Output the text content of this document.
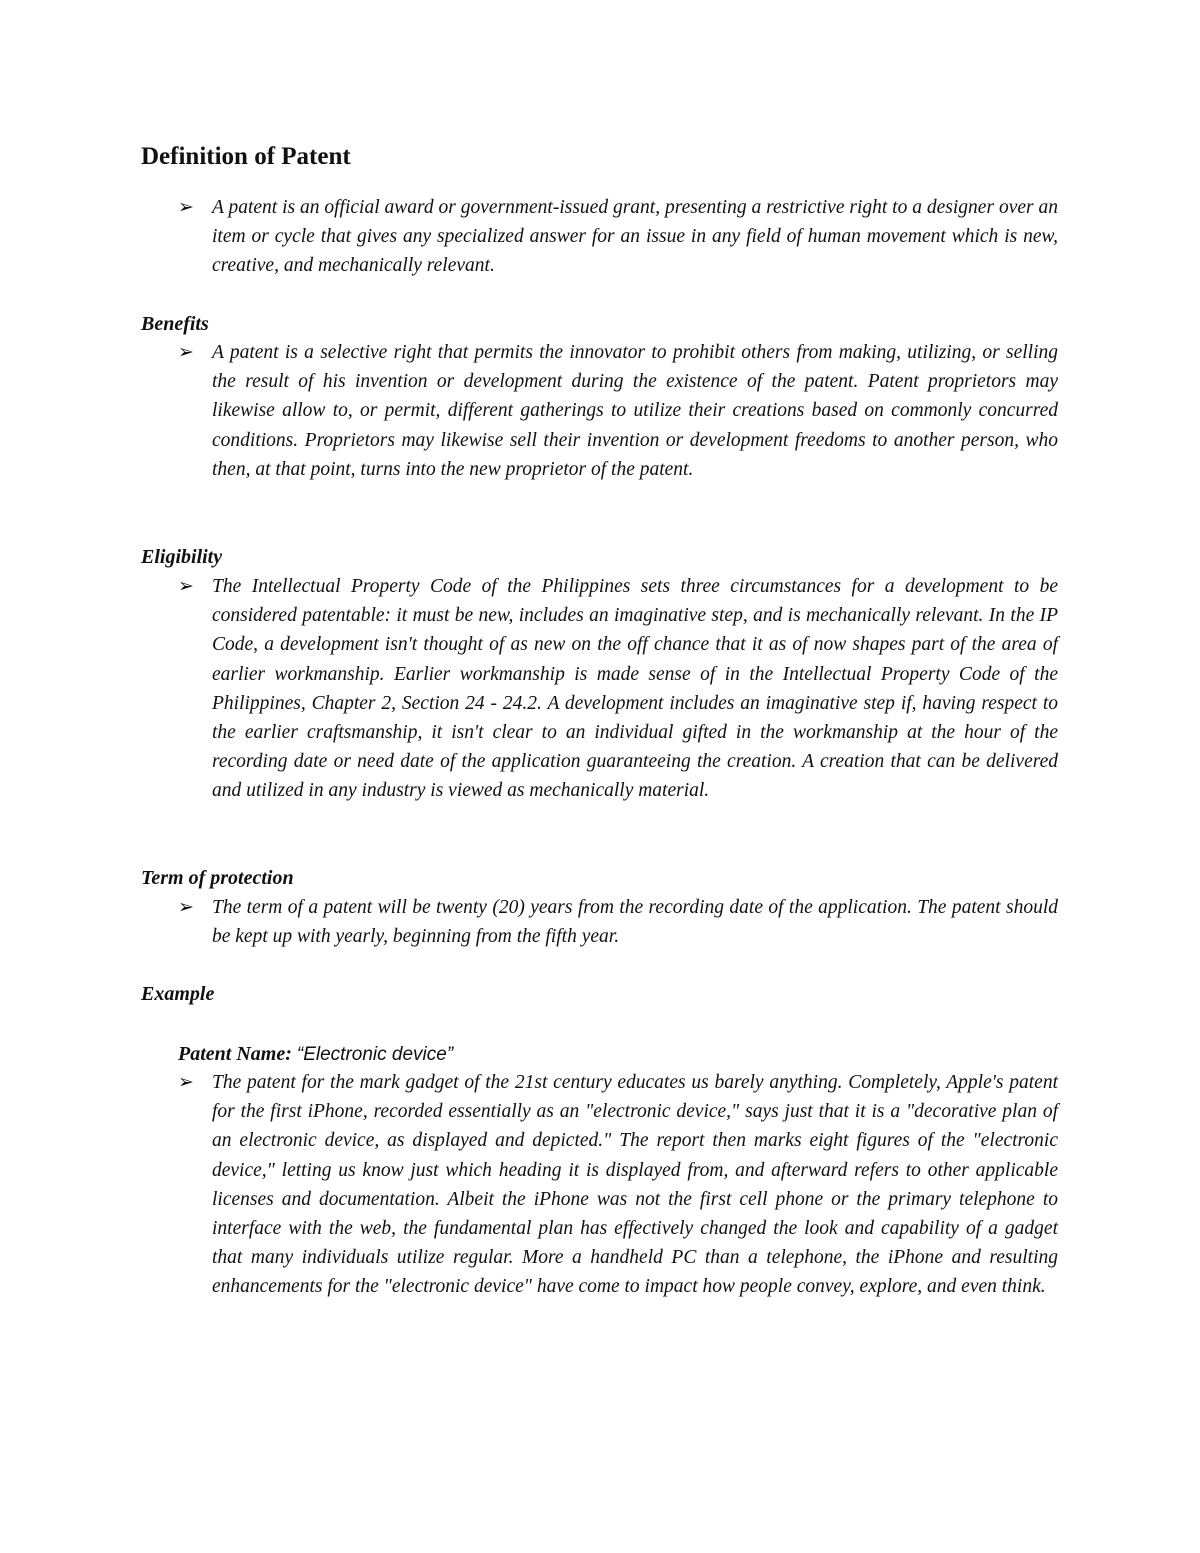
Definition of Patent
➢ A patent is an official award or government-issued grant, presenting a restrictive right to a designer over an item or cycle that gives any specialized answer for an issue in any field of human movement which is new, creative, and mechanically relevant.

Benefits
➢ A patent is a selective right that permits the innovator to prohibit others from making, utilizing, or selling the result of his invention or development during the existence of the patent. Patent proprietors may likewise allow to, or permit, different gatherings to utilize their creations based on commonly concurred conditions. Proprietors may likewise sell their invention or development freedoms to another person, who then, at that point, turns into the new proprietor of the patent.

Eligibility
➢ The Intellectual Property Code of the Philippines sets three circumstances for a development to be considered patentable: it must be new, includes an imaginative step, and is mechanically relevant. In the IP Code, a development isn't thought of as new on the off chance that it as of now shapes part of the area of earlier workmanship. Earlier workmanship is made sense of in the Intellectual Property Code of the Philippines, Chapter 2, Section 24 - 24.2. A development includes an imaginative step if, having respect to the earlier craftsmanship, it isn't clear to an individual gifted in the workmanship at the hour of the recording date or need date of the application guaranteeing the creation. A creation that can be delivered and utilized in any industry is viewed as mechanically material.

Term of protection
➢ The term of a patent will be twenty (20) years from the recording date of the application. The patent should be kept up with yearly, beginning from the fifth year.

Example

Patent Name: “Electronic device”

➢ The patent for the mark gadget of the 21st century educates us barely anything. Completely, Apple's patent for the first iPhone, recorded essentially as an "electronic device," says just that it is a "decorative plan of an electronic device, as displayed and depicted." The report then marks eight figures of the "electronic device," letting us know just which heading it is displayed from, and afterward refers to other applicable licenses and documentation. Albeit the iPhone was not the first cell phone or the primary telephone to interface with the web, the fundamental plan has effectively changed the look and capability of a gadget that many individuals utilize regular. More a handheld PC than a telephone, the iPhone and resulting enhancements for the "electronic device" have come to impact how people convey, explore, and even think.
